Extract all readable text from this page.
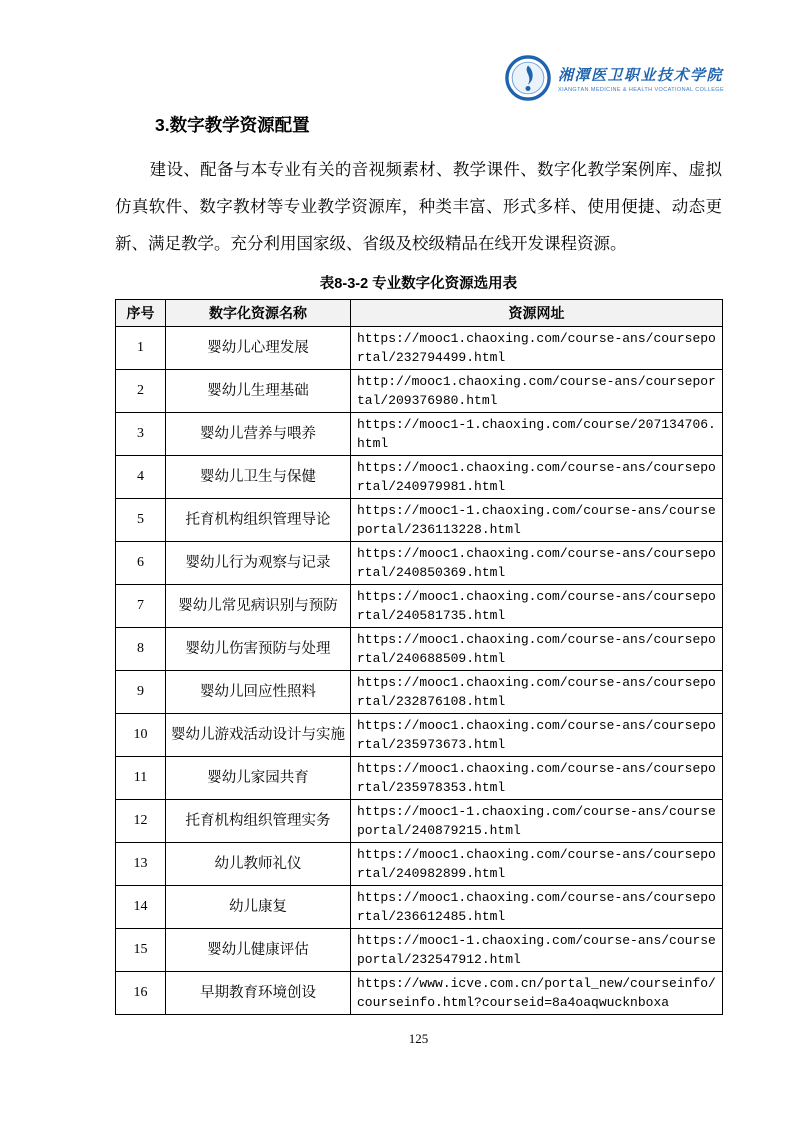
湘潭医卫职业技术学院
XIANGTAN MEDICINE & HEALTH VOCATIONAL COLLEGE
3.数字教学资源配置

建设、配备与本专业有关的音视频素材、教学课件、数字化教学案例库、虚拟仿真软件、数字教材等专业教学资源库，种类丰富、形式多样、使用便捷、动态更新、满足教学。充分利用国家级、省级及校级精品在线开发课程资源。

表8-3-2 专业数字化资源选用表
序号	数字化资源名称	资源网址
1	婴幼儿心理发展	https://mooc1.chaoxing.com/course-ans/courseportal/232794499.html
2	婴幼儿生理基础	http://mooc1.chaoxing.com/course-ans/courseportal/209376980.html
3	婴幼儿营养与喂养	https://mooc1-1.chaoxing.com/course/207134706.html
4	婴幼儿卫生与保健	https://mooc1.chaoxing.com/course-ans/courseportal/240979981.html
5	托育机构组织管理导论	https://mooc1-1.chaoxing.com/course-ans/courseportal/236113228.html
6	婴幼儿行为观察与记录	https://mooc1.chaoxing.com/course-ans/courseportal/240850369.html
7	婴幼儿常见病识别与预防	https://mooc1.chaoxing.com/course-ans/courseportal/240581735.html
8	婴幼儿伤害预防与处理	https://mooc1.chaoxing.com/course-ans/courseportal/240688509.html
9	婴幼儿回应性照料	https://mooc1.chaoxing.com/course-ans/courseportal/232876108.html
10	婴幼儿游戏活动设计与实施	https://mooc1.chaoxing.com/course-ans/courseportal/235973673.html
11	婴幼儿家园共育	https://mooc1.chaoxing.com/course-ans/courseportal/235978353.html
12	托育机构组织管理实务	https://mooc1-1.chaoxing.com/course-ans/courseportal/240879215.html
13	幼儿教师礼仪	https://mooc1.chaoxing.com/course-ans/courseportal/240982899.html
14	幼儿康复	https://mooc1.chaoxing.com/course-ans/courseportal/236612485.html
15	婴幼儿健康评估	https://mooc1-1.chaoxing.com/course-ans/courseportal/232547912.html
16	早期教育环境创设	https://www.icve.com.cn/portal_new/courseinfo/courseinfo.html?courseid=8a4oaqwucknboxa
125
